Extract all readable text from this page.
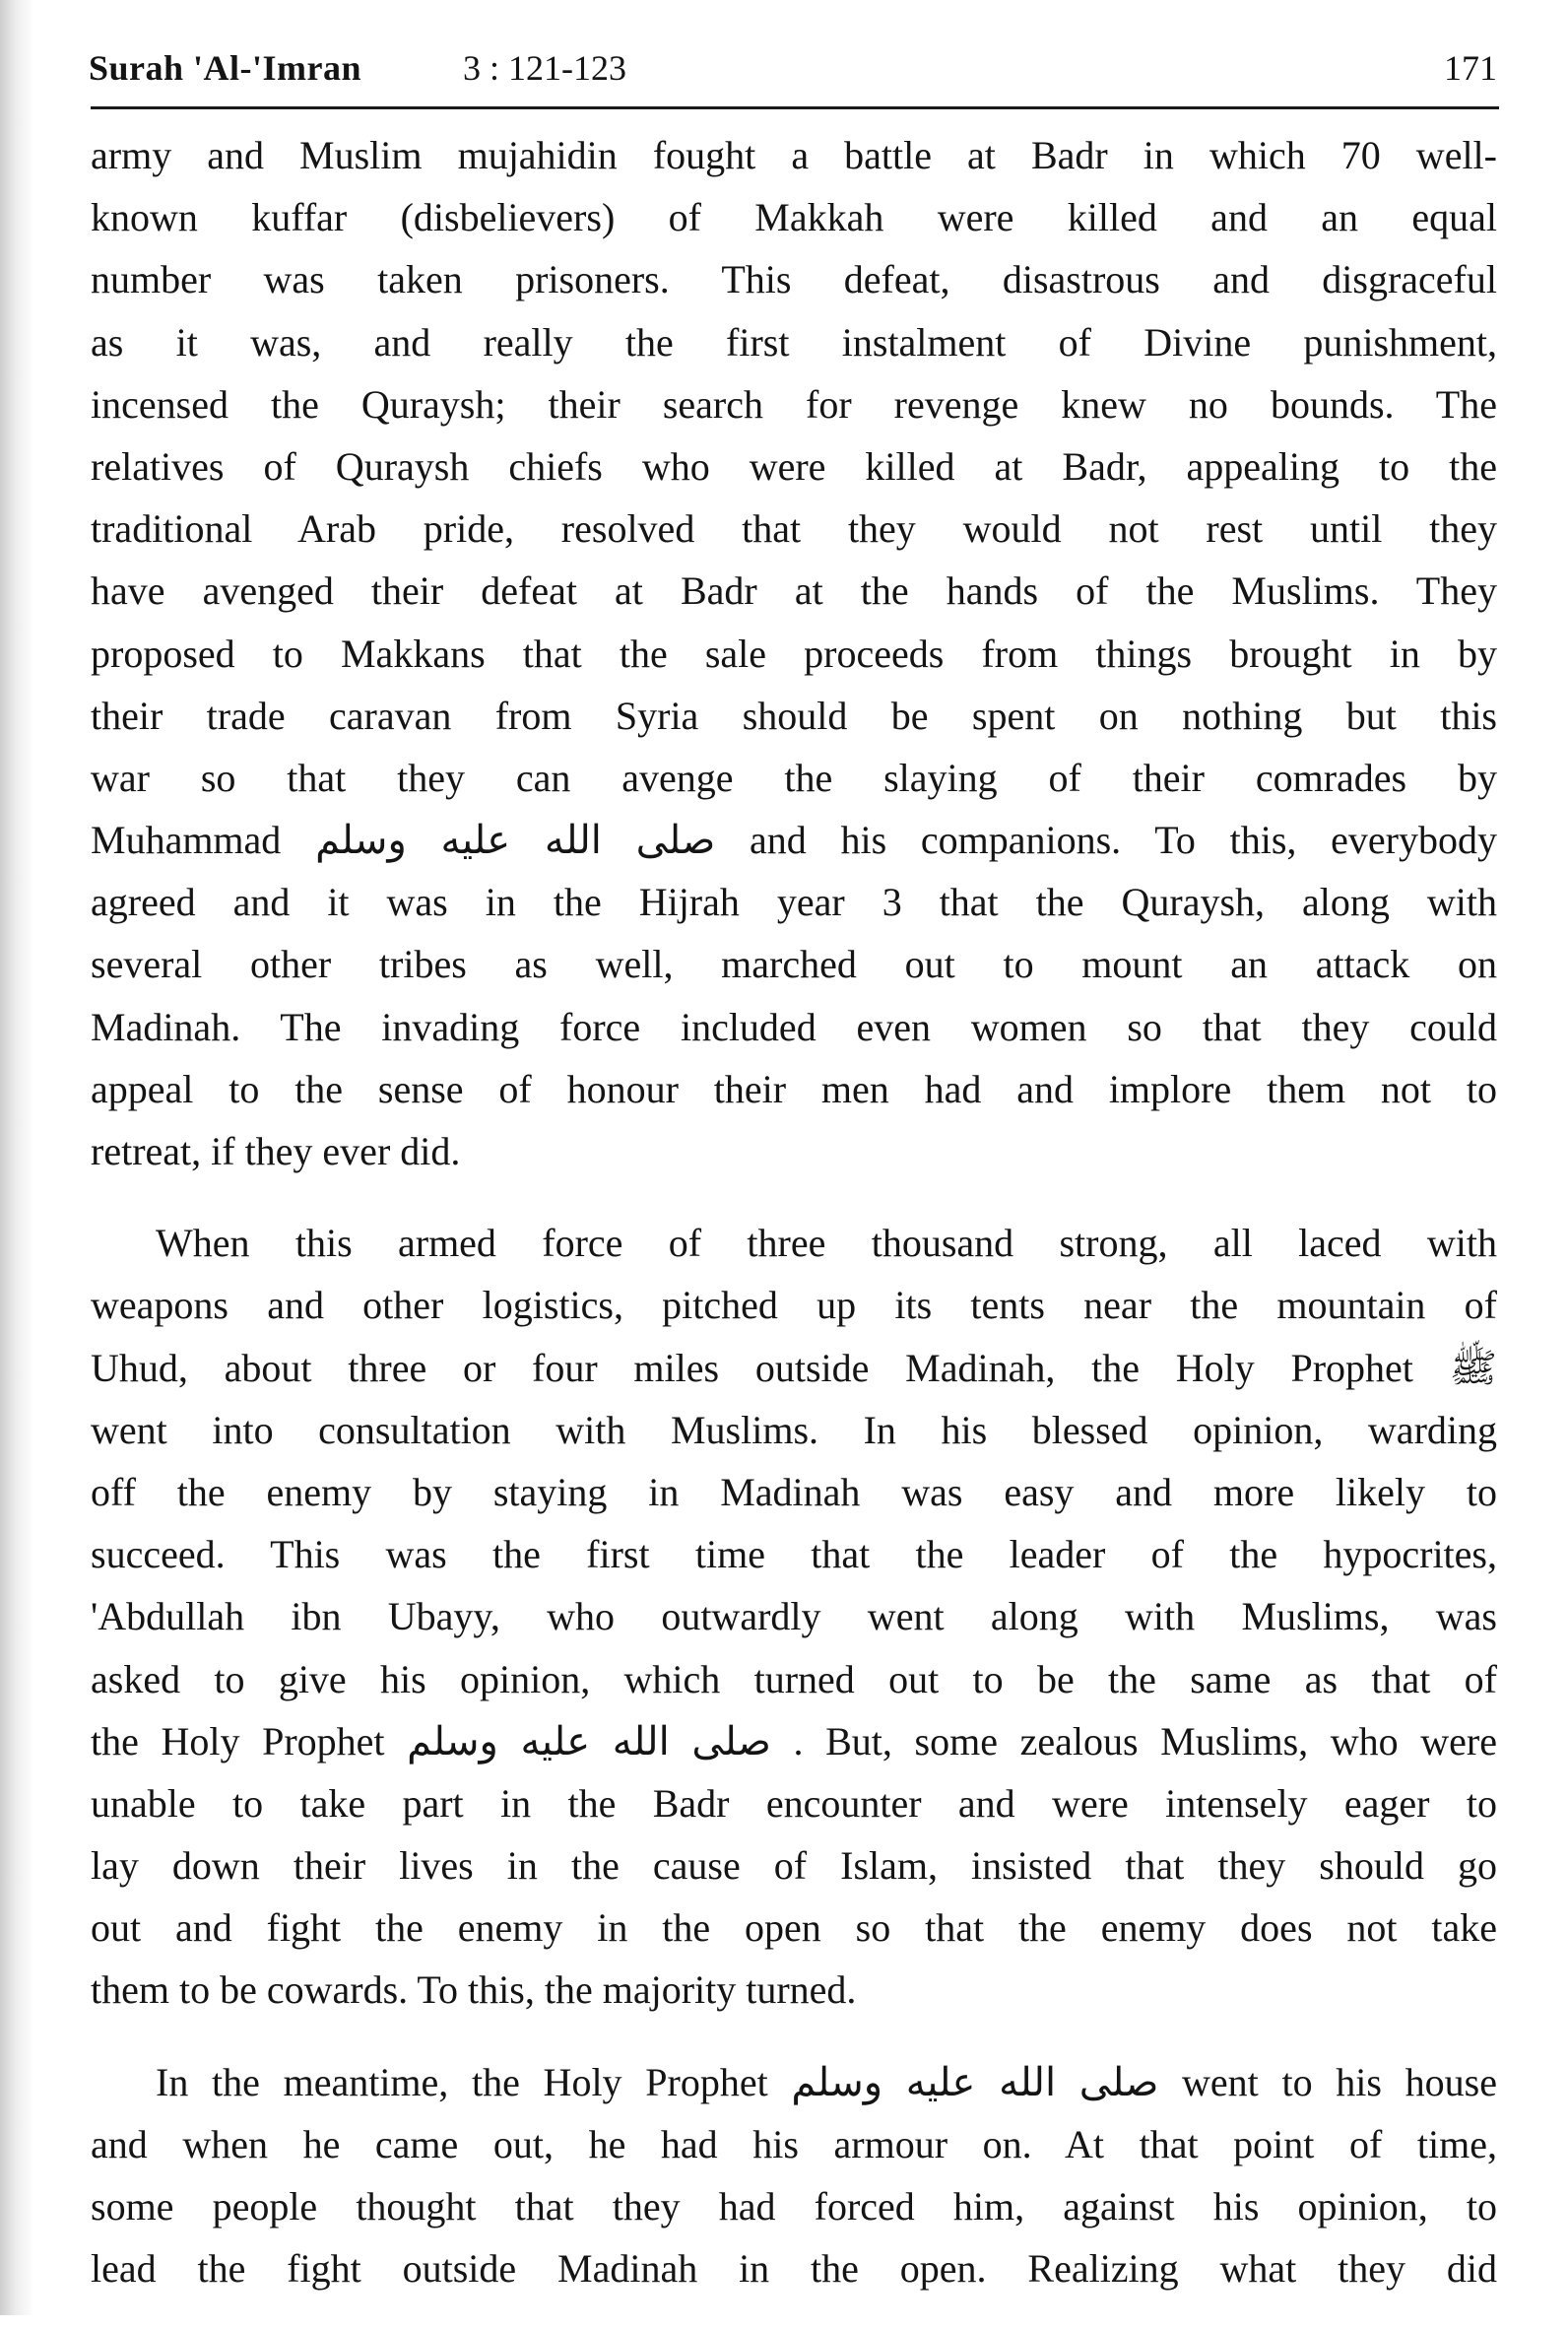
Surah 'Al-'Imran	3 : 121-123	171
army and Muslim mujahidin fought a battle at Badr in which 70 well-
known kuffar (disbelievers) of Makkah were killed and an equal
number was taken prisoners. This defeat, disastrous and disgraceful
as it was, and really the first instalment of Divine punishment,
incensed the Quraysh; their search for revenge knew no bounds. The
relatives of Quraysh chiefs who were killed at Badr, appealing to the
traditional Arab pride, resolved that they would not rest until they
have avenged their defeat at Badr at the hands of the Muslims. They
proposed to Makkans that the sale proceeds from things brought in by
their trade caravan from Syria should be spent on nothing but this
war so that they can avenge the slaying of their comrades by
Muhammad صلى الله عليه وسلم and his companions. To this, everybody
agreed and it was in the Hijrah year 3 that the Quraysh, along with
several other tribes as well, marched out to mount an attack on
Madinah. The invading force included even women so that they could
appeal to the sense of honour their men had and implore them not to
retreat, if they ever did.
When this armed force of three thousand strong, all laced with
weapons and other logistics, pitched up its tents near the mountain of
Uhud, about three or four miles outside Madinah, the Holy Prophet ﷺ
went into consultation with Muslims. In his blessed opinion, warding
off the enemy by staying in Madinah was easy and more likely to
succeed. This was the first time that the leader of the hypocrites,
'Abdullah ibn Ubayy, who outwardly went along with Muslims, was
asked to give his opinion, which turned out to be the same as that of
the Holy Prophet صلى الله عليه وسلم . But, some zealous Muslims, who were
unable to take part in the Badr encounter and were intensely eager to
lay down their lives in the cause of Islam, insisted that they should go
out and fight the enemy in the open so that the enemy does not take
them to be cowards. To this, the majority turned.
In the meantime, the Holy Prophet صلى الله عليه وسلم went to his house
and when he came out, he had his armour on. At that point of time,
some people thought that they had forced him, against his opinion, to
lead the fight outside Madinah in the open. Realizing what they did
